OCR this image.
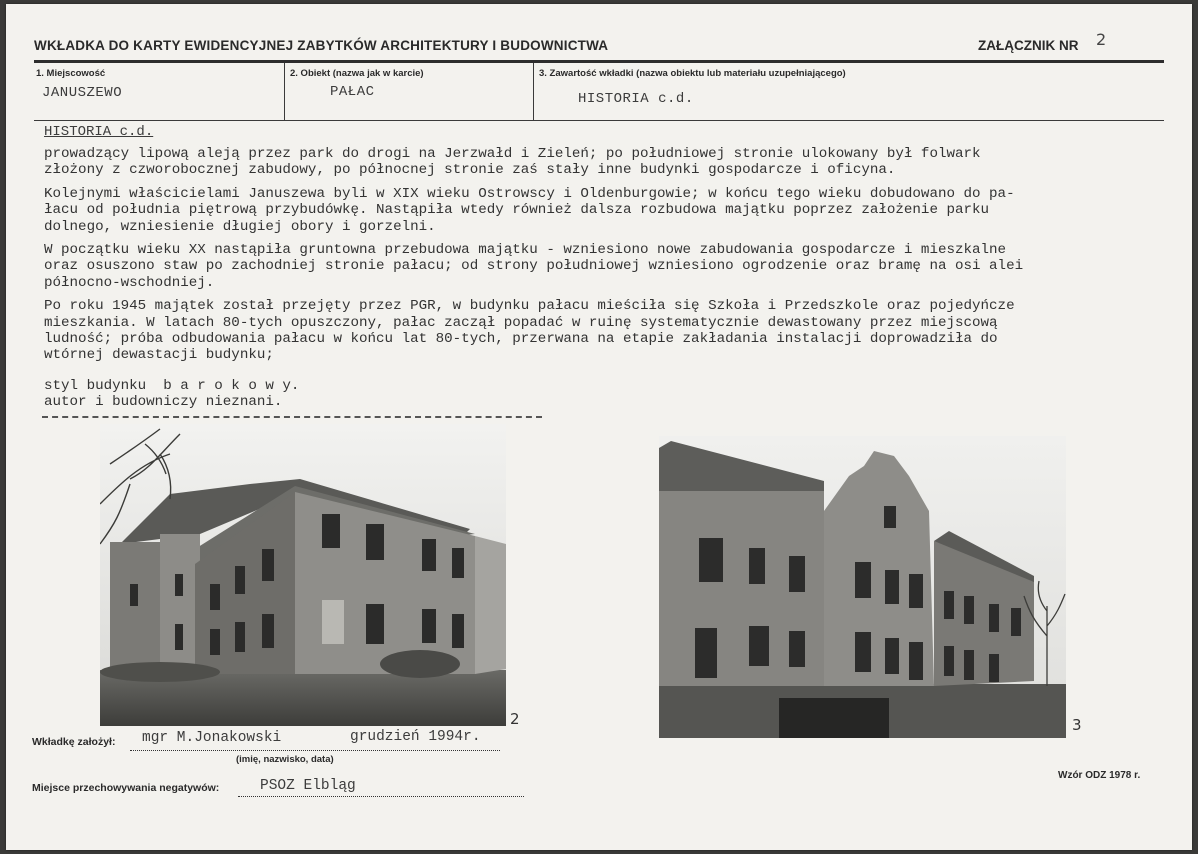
WKŁADKA DO KARTY EWIDENCYJNEJ ZABYTKÓW ARCHITEKTURY I BUDOWNICTWA	ZAŁĄCZNIK NR 2
1. Miejscowość
JANUSZEWO
2. Obiekt (nazwa jak w karcie)
PAŁAC
3. Zawartość wkładki (nazwa obiektu lub materiału uzupełniającego)
HISTORIA c.d.
HISTORIA c.d.

prowadzący lipową aleją przez park do drogi na Jerzwałd i Zieleń; po południowej stronie ulokowany był folwark
złożony z czworobocznej zabudowy, po północnej stronie zaś stały inne budynki gospodarcze i oficyna.

Kolejnymi właścicielami Januszewa byli w XIX wieku Ostrowscy i Oldenburgowie; w końcu tego wieku dobudowano do pa-
łacu od południa piętrową przybudówkę. Nastąpiła wtedy również dalsza rozbudowa majątku poprzez założenie parku
dolnego, wzniesienie długiej obory i gorzelni.

W początku wieku XX nastąpiła gruntowna przebudowa majątku - wzniesiono nowe zabudowania gospodarcze i mieszkalne
oraz osuszono staw po zachodniej stronie pałacu; od strony południowej wzniesiono ogrodzenie oraz bramę na osi alei
północno-wschodniej.

Po roku 1945 majątek został przejęty przez PGR, w budynku pałacu mieściła się Szkoła i Przedszkole oraz pojedyńcze
mieszkania. W latach 80-tych opuszczony, pałac zaczął popadać w ruinę systematycznie dewastowany przez miejscową
ludność; próba odbudowania pałacu w końcu lat 80-tych, przerwana na etapie zakładania instalacji doprowadziła do
wtórnej dewastacji budynku;

styl budynku  b a r o k o w y.
autor i budowniczy nieznani.

2	3
Wkładkę założył: mgr M.Jonakowski	grudzień 1994r.
(imię, nazwisko, data)
Miejsce przechowywania negatywów:	PSOZ Elbląg
Wzór ODZ 1978 r.
